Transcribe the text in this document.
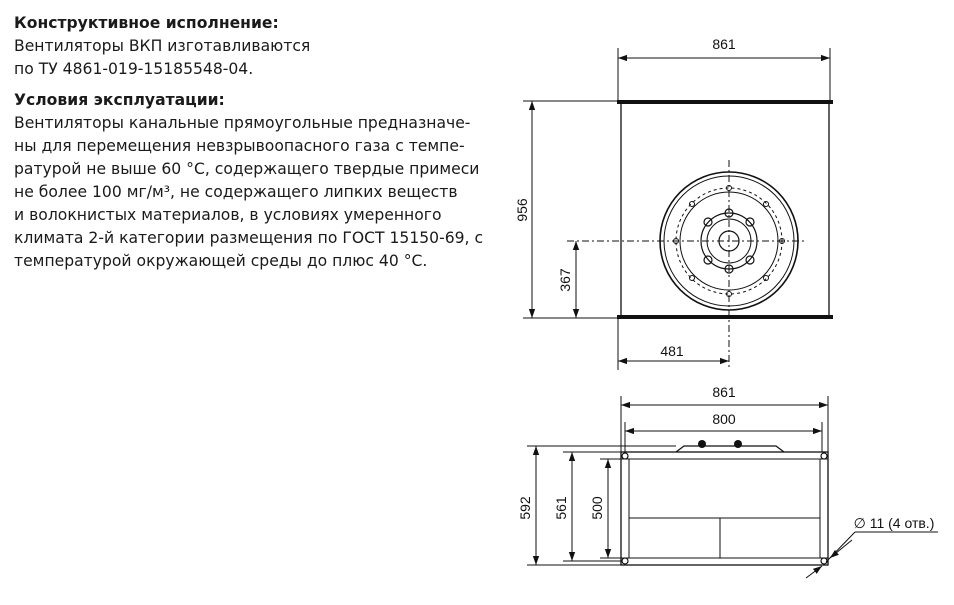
Конструктивное исполнение:
Вентиляторы ВКП изготавливаются
по ТУ 4861-019-15185548-04.
Условия эксплуатации:
Вентиляторы канальные прямоугольные предназначе-
ны для перемещения невзрывоопасного газа с темпе-
ратурой не выше 60 °С, содержащего твердые примеси
не более 100 мг/м³, не содержащего липких веществ
и волокнистых материалов, в условиях умеренного
климата 2-й категории размещения по ГОСТ 15150-69, с
температурой окружающей среды до плюс 40 °С.
861
956
367
481
861
800
592 561 500
∅ 11 (4 отв.)
